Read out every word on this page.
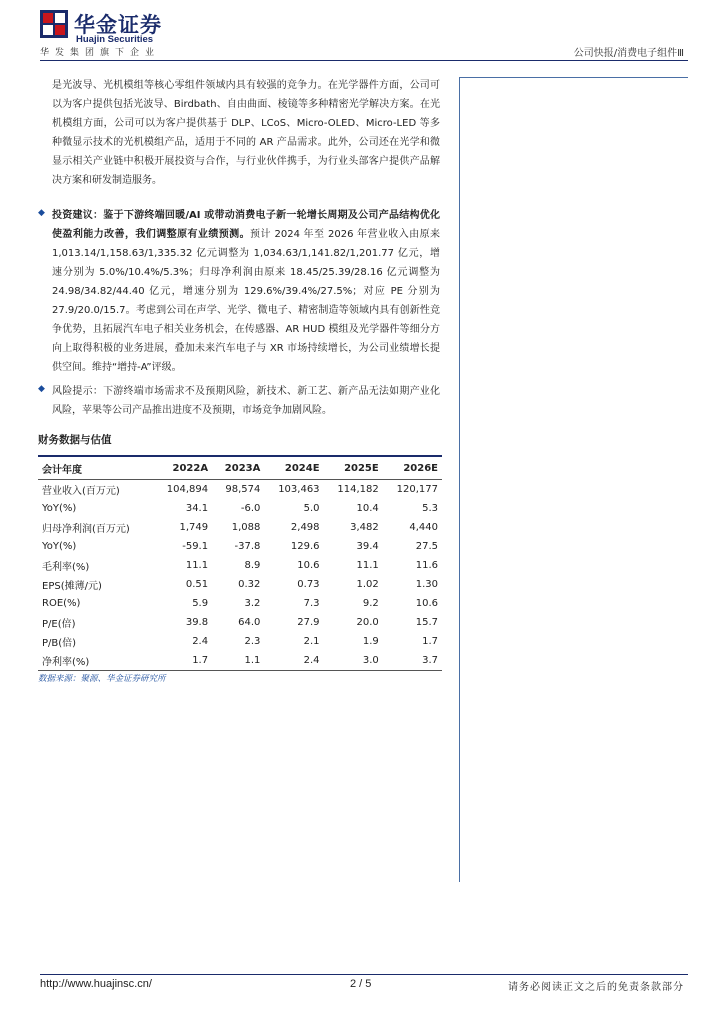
华金证券
Huajin Securities
华发集团旗下企业	公司快报/消费电子组件Ⅲ

是光波导、光机模组等核心零组件领域内具有较强的竞争力。在光学器件方面，公司可以为客户提供包括光波导、Birdbath、自由曲面、棱镜等多种精密光学解决方案。在光机模组方面，公司可以为客户提供基于 DLP、LCoS、Micro-OLED、Micro-LED 等多种微显示技术的光机模组产品，适用于不同的 AR 产品需求。此外，公司还在光学和微显示相关产业链中积极开展投资与合作，与行业伙伴携手，为行业头部客户提供产品解决方案和研发制造服务。

◆ 投资建议：鉴于下游终端回暖/AI 或带动消费电子新一轮增长周期及公司产品结构优化使盈利能力改善，我们调整原有业绩预测。预计 2024 年至 2026 年营业收入由原来 1,013.14/1,158.63/1,335.32 亿元调整为 1,034.63/1,141.82/1,201.77 亿元，增速分别为 5.0%/10.4%/5.3%；归母净利润由原来 18.45/25.39/28.16 亿元调整为 24.98/34.82/44.40 亿元，增速分别为 129.6%/39.4%/27.5%；对应 PE 分别为 27.9/20.0/15.7。考虑到公司在声学、光学、微电子、精密制造等领域内具有创新性竞争优势，且拓展汽车电子相关业务机会，在传感器、AR HUD 模组及光学器件等细分方向上取得积极的业务进展，叠加未来汽车电子与 XR 市场持续增长，为公司业绩增长提供空间。维持“增持-A”评级。

◆ 风险提示：下游终端市场需求不及预期风险，新技术、新工艺、新产品无法如期产业化风险，苹果等公司产品推出进度不及预期，市场竞争加剧风险。

财务数据与估值
会计年度	2022A	2023A	2024E	2025E	2026E
营业收入(百万元)	104,894	98,574	103,463	114,182	120,177
YoY(%)	34.1	-6.0	5.0	10.4	5.3
归母净利润(百万元)	1,749	1,088	2,498	3,482	4,440
YoY(%)	-59.1	-37.8	129.6	39.4	27.5
毛利率(%)	11.1	8.9	10.6	11.1	11.6
EPS(摊薄/元)	0.51	0.32	0.73	1.02	1.30
ROE(%)	5.9	3.2	7.3	9.2	10.6
P/E(倍)	39.8	64.0	27.9	20.0	15.7
P/B(倍)	2.4	2.3	2.1	1.9	1.7
净利率(%)	1.7	1.1	2.4	3.0	3.7
数据来源：聚源、华金证券研究所
http://www.huajinsc.cn/	2 / 5	请务必阅读正文之后的免责条款部分
